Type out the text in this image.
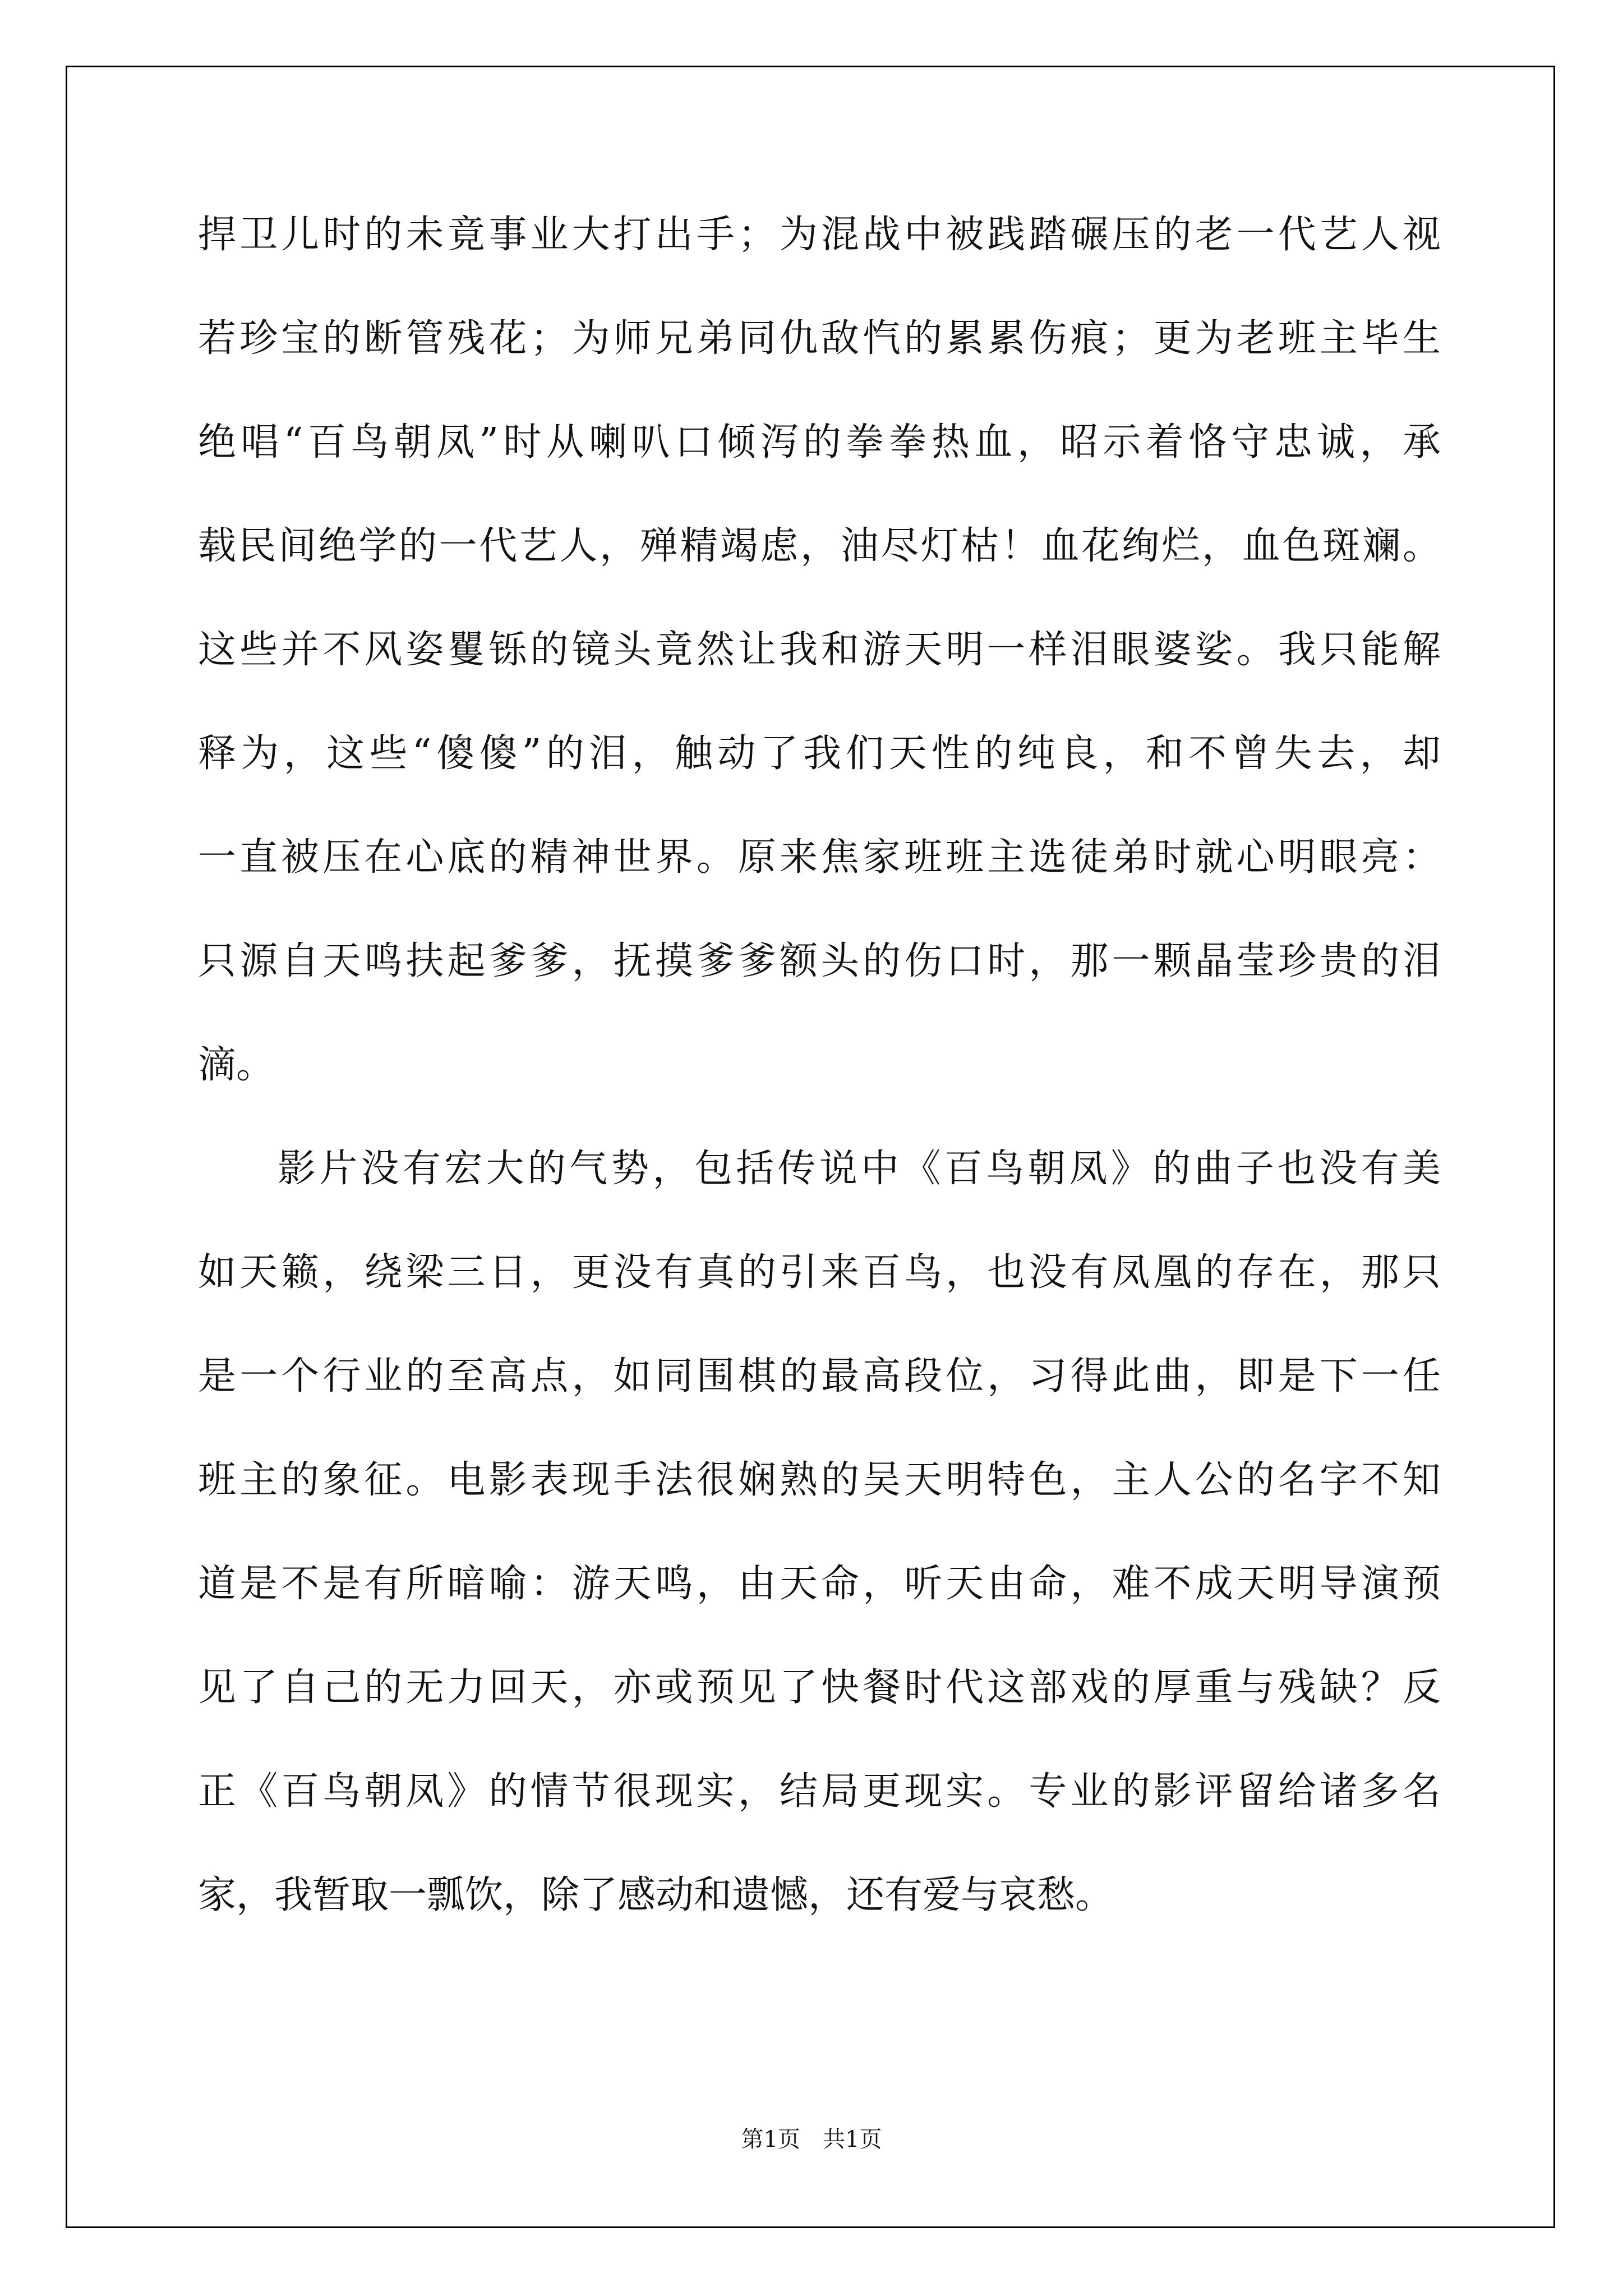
捍卫儿时的未竟事业大打出手；为混战中被践踏碾压的老一代艺人视
若珍宝的断管残花；为师兄弟同仇敌忾的累累伤痕；更为老班主毕生
绝唱“百鸟朝凤”时从喇叭口倾泻的拳拳热血，昭示着恪守忠诚，承
载民间绝学的一代艺人，殚精竭虑，油尽灯枯！血花绚烂，血色斑斓。
这些并不风姿矍铄的镜头竟然让我和游天明一样泪眼婆娑。我只能解
释为，这些“傻傻”的泪，触动了我们天性的纯良，和不曾失去，却
一直被压在心底的精神世界。原来焦家班班主选徒弟时就心明眼亮：
只源自天鸣扶起爹爹，抚摸爹爹额头的伤口时，那一颗晶莹珍贵的泪
滴。
影片没有宏大的气势，包括传说中《百鸟朝凤》的曲子也没有美
如天籁，绕梁三日，更没有真的引来百鸟，也没有凤凰的存在，那只
是一个行业的至高点，如同围棋的最高段位，习得此曲，即是下一任
班主的象征。电影表现手法很娴熟的吴天明特色，主人公的名字不知
道是不是有所暗喻：游天鸣，由天命，听天由命，难不成天明导演预
见了自己的无力回天，亦或预见了快餐时代这部戏的厚重与残缺？反
正《百鸟朝凤》的情节很现实，结局更现实。专业的影评留给诸多名
家，我暂取一瓢饮，除了感动和遗憾，还有爱与哀愁。
第1页　共1页
